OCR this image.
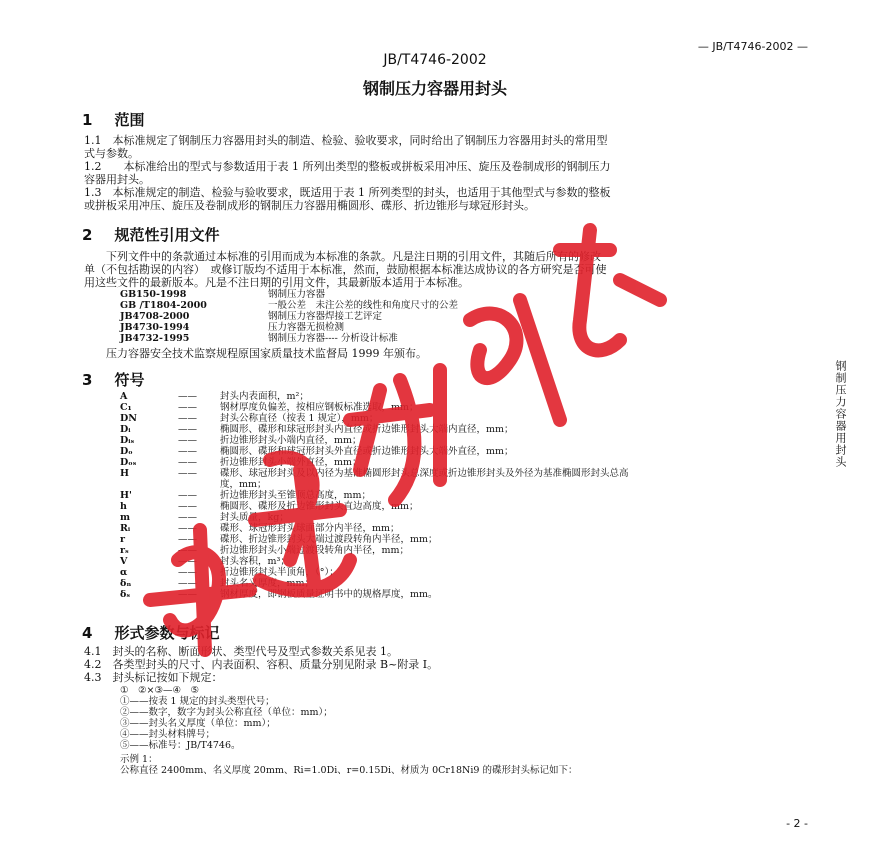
— JB/T4746-2002 —
JB/T4746-2002
钢制压力容器用封头
1 范围
1.1　本标准规定了钢制压力容器用封头的制造、检验、验收要求，同时给出了钢制压力容器用封头的常用型
式与参数。
1.2　　本标准给出的型式与参数适用于表 1 所列出类型的整板或拼板采用冲压、旋压及卷制成形的钢制压力
容器用封头。
1.3　本标准规定的制造、检验与验收要求，既适用于表 1 所列类型的封头，也适用于其他型式与参数的整板
或拼板采用冲压、旋压及卷制成形的钢制压力容器用椭圆形、碟形、折边锥形与球冠形封头。
2 规范性引用文件
　　下列文件中的条款通过本标准的引用而成为本标准的条款。凡是注日期的引用文件，其随后所有的修改
单（不包括勘误的内容）　或修订版均不适用于本标准，然而，鼓励根据本标准达成协议的各方研究是否可使
用这些文件的最新版本。凡是不注日期的引用文件，其最新版本适用于本标准。
GB150-1998	钢制压力容器
GB /T1804-2000	一般公差　未注公差的线性和角度尺寸的公差
JB4708-2000	钢制压力容器焊接工艺评定
JB4730-1994	压力容器无损检测
JB4732-1995	钢制压力容器---- 分析设计标准
　　压力容器安全技术监察规程原国家质量技术监督局 1999 年颁布。
3 符号
A	——	封头内表面积，m²；
C₁	——	钢材厚度负偏差，按相应钢板标准选取，mm；
DN	——	封头公称直径（按表 1 规定），mm；
Dᵢ	——	椭圆形、碟形和球冠形封头内直径或折边锥形封头大端内直径，mm；
Dᵢₛ	——	折边锥形封头小端内直径，mm；
Dₒ	——	椭圆形、碟形和球冠形封头外直径或折边锥形封头大端外直径，mm；
Dₒₛ	——	折边锥形封头小端外直径，mm；
H	——	碟形、球冠形封头及以内径为基准椭圆形封头总深度或折边锥形封头及外径为基准椭圆形封头总高
度，mm；
H'	——	折边锥形封头至锥顶总高度，mm；
h	——	椭圆形、碟形及折边锥形封头直边高度，mm；
m	——	封头质量，kg；
Rᵢ	——	碟形、球冠形封头球面部分内半径，mm；
r	——	碟形、折边锥形封头大端过渡段转角内半径，mm；
rₛ	——	折边锥形封头小端过渡段转角内半径，mm；
V	——	封头容积，m³；
α	——	折边锥形封头半顶角，（°）；
δₙ	——	封头名义厚度，mm；
δₛ	——	钢材厚度，即钢板质量证明书中的规格厚度，mm。
4 形式参数与标记
4.1　封头的名称、断面形状、类型代号及型式参数关系见表 1。
4.2　各类型封头的尺寸、内表面积、容积、质量分别见附录 B~附录 I。
4.3　封头标记按如下规定：
①　②×③—④　⑤
①——按表 1 规定的封头类型代号；
②——数字，数字为封头公称直径（单位：mm）；
③——封头名义厚度（单位：mm）；
④——封头材料牌号；
⑤——标准号：JB/T4746。
示例 1：
公称直径 2400mm、名义厚度 20mm、Ri=1.0Di、r=0.15Di、材质为 0Cr18Ni9 的碟形封头标记如下：
钢制压力容器用封头
- 2 -
